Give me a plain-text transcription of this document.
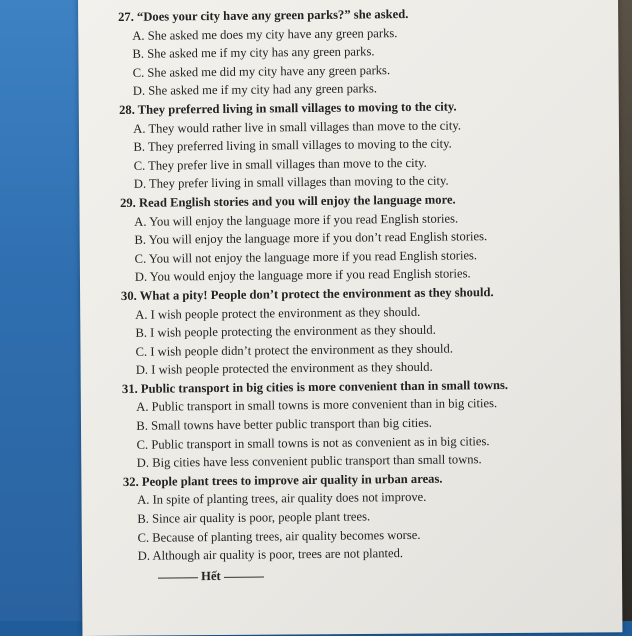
27. “Does your city have any green parks?” she asked.
A. She asked me does my city have any green parks.
B. She asked me if my city has any green parks.
C. She asked me did my city have any green parks.
D. She asked me if my city had any green parks.
28. They preferred living in small villages to moving to the city.
A. They would rather live in small villages than move to the city.
B. They preferred living in small villages to moving to the city.
C. They prefer live in small villages than move to the city.
D. They prefer living in small villages than moving to the city.
29. Read English stories and you will enjoy the language more.
A. You will enjoy the language more if you read English stories.
B. You will enjoy the language more if you don’t read English stories.
C. You will not enjoy the language more if you read English stories.
D. You would enjoy the language more if you read English stories.
30. What a pity! People don’t protect the environment as they should.
A. I wish people protect the environment as they should.
B. I wish people protecting the environment as they should.
C. I wish people didn’t protect the environment as they should.
D. I wish people protected the environment as they should.
31. Public transport in big cities is more convenient than in small towns.
A. Public transport in small towns is more convenient than in big cities.
B. Small towns have better public transport than big cities.
C. Public transport in small towns is not as convenient as in big cities.
D. Big cities have less convenient public transport than small towns.
32. People plant trees to improve air quality in urban areas.
A. In spite of planting trees, air quality does not improve.
B. Since air quality is poor, people plant trees.
C. Because of planting trees, air quality becomes worse.
D. Although air quality is poor, trees are not planted.
Hết
